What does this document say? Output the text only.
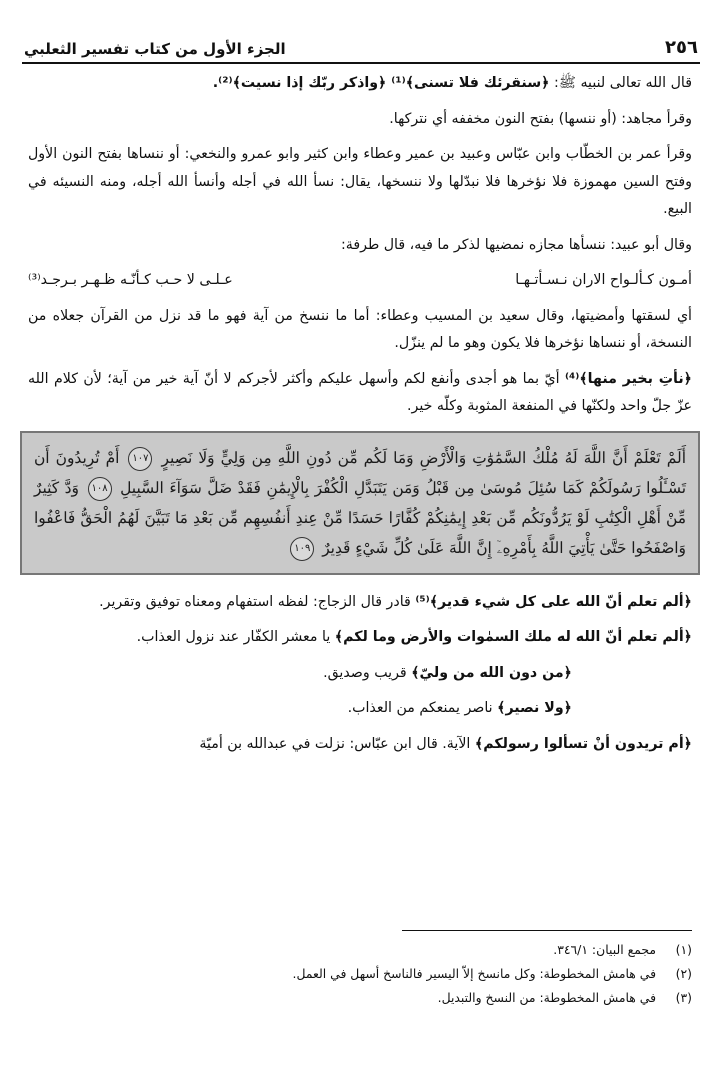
٢٥٦
الجزء الأول من كتاب تفسير الثعلبي

قال الله تعالى لنبيه ﷺ: ﴿سنقرئك فلا تسنى﴾⁽¹⁾ ﴿واذكر ربّك إذا نسيت﴾⁽²⁾.

وقرأ مجاهد: (أو ننسها) بفتح النون مخففه أي نتركها.

وقرأ عمر بن الخطّاب وابن عبّاس وعبيد بن عمير وعطاء وابن كثير وابو عمرو والنخعي: أو ننساها بفتح النون الأول وفتح السين مهموزة فلا نؤخرها فلا نبدّلها ولا ننسخها، يقال: نسأ الله في أجله وأنسأ الله أجله، ومنه النسيئه في البيع.

وقال أبو عبيد: ننسأها مجازه نمضيها لذكر ما فيه، قال طرفة:

أمـون كـألـواح الاران نـسـأتـهـا
عـلـى لا حـب كـأنّـه ظـهـر بـرجـد⁽³⁾

أي لسقتها وأمضيتها، وقال سعيد بن المسيب وعطاء: أما ما ننسخ من آية فهو ما قد نزل من القرآن جعلاه من النسخة، أو ننساها نؤخرها فلا يكون وهو ما لم ينزّل.

﴿نأتِ بخير منها﴾⁽⁴⁾ أيّ بما هو أجدى وأنفع لكم وأسهل عليكم وأكثر لأجركم لا أنّ آية خير من آية؛ لأن كلام الله عزّ جلّ واحد ولكنّها في المنفعة المثوبة وكلّه خير.

أَلَمْ تَعْلَمْ أَنَّ اللَّهَ لَهُ مُلْكُ السَّمَٰوَٰتِ وَالْأَرْضِ وَمَا لَكُم مِّن دُونِ اللَّهِ مِن وَلِيٍّ وَلَا نَصِيرٍ ١٠٧ أَمْ تُرِيدُونَ أَن تَسْـَٔلُوا رَسُولَكُمْ كَمَا سُئِلَ مُوسَىٰ مِن قَبْلُ وَمَن يَتَبَدَّلِ الْكُفْرَ بِالْإِيمَٰنِ فَقَدْ ضَلَّ سَوَآءَ السَّبِيلِ ١٠٨ وَدَّ كَثِيرٌ مِّنْ أَهْلِ الْكِتَٰبِ لَوْ يَرُدُّونَكُم مِّن بَعْدِ إِيمَٰنِكُمْ كُفَّارًا حَسَدًا مِّنْ عِندِ أَنفُسِهِم مِّن بَعْدِ مَا تَبَيَّنَ لَهُمُ الْحَقُّ فَاعْفُوا وَاصْفَحُوا حَتَّىٰ يَأْتِيَ اللَّهُ بِأَمْرِهِۦٓ إِنَّ اللَّهَ عَلَىٰ كُلِّ شَيْءٍ قَدِيرٌ ١٠٩

﴿ألم تعلم أنّ الله على كل شيء قدير﴾⁽⁵⁾ قادر قال الزجاج: لفظه استفهام ومعناه توفيق وتقرير.

﴿ألم تعلم أنّ الله له ملك السمٰوات والأرض وما لكم﴾ يا معشر الكفّار عند نزول العذاب.

﴿من دون الله من وليّ﴾ قريب وصديق.

﴿ولا نصير﴾ ناصر يمنعكم من العذاب.

﴿أم تريدون أنْ تسألوا رسولكم﴾ الآية. قال ابن عبّاس: نزلت في عبدالله بن أميّة

(١)
مجمع البيان: ٣٤٦/١.
(٢)
في هامش المخطوطة: وكل مانسخ إلاّ اليسير فالناسخ أسهل في العمل.
(٣)
في هامش المخطوطة: من النسخ والتبديل.
